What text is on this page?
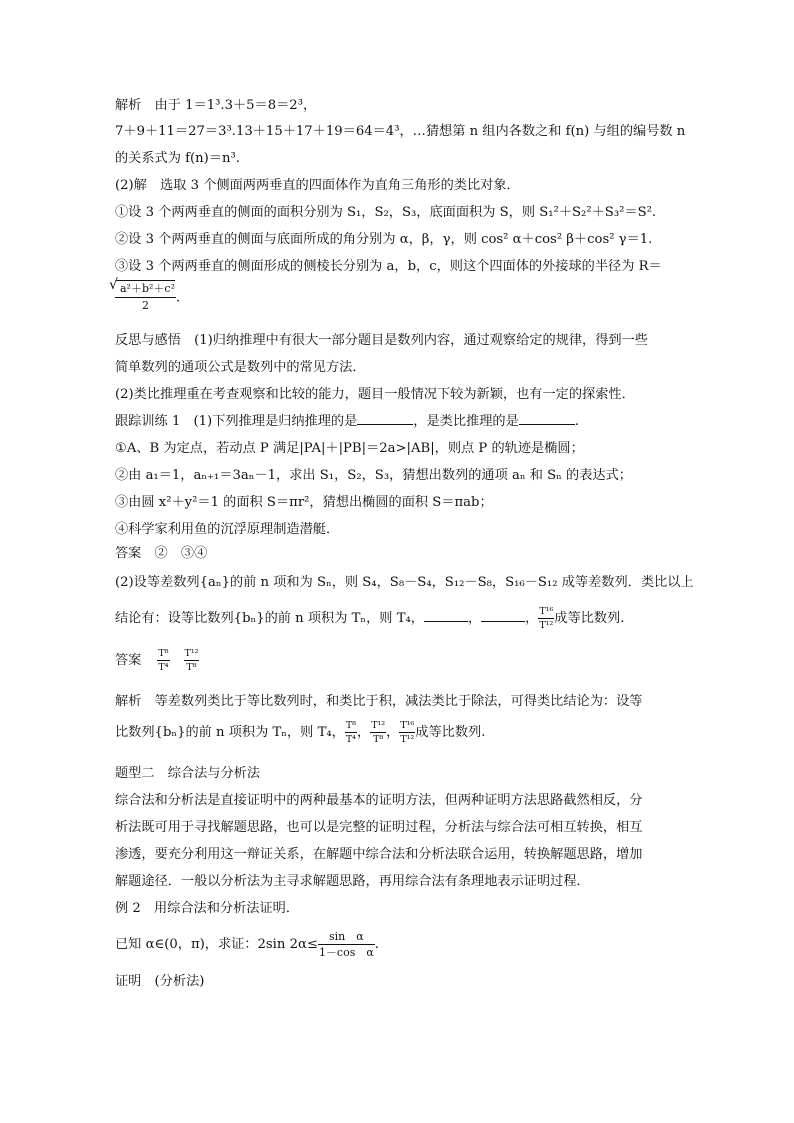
解析　由于 1＝1³.3＋5＝8＝2³，
7＋9＋11＝27＝3³.13＋15＋17＋19＝64＝4³，…猜想第 n 组内各数之和 f(n) 与组的编号数 n
的关系式为 f(n)＝n³.
(2)解　选取 3 个侧面两两垂直的四面体作为直角三角形的类比对象．
①设 3 个两两垂直的侧面的面积分别为 S₁，S₂，S₃，底面面积为 S，则 S₁²＋S₂²＋S₃²＝S².
②设 3 个两两垂直的侧面与底面所成的角分别为 α，β，γ，则 cos² α＋cos² β＋cos² γ＝1.
③设 3 个两两垂直的侧面形成的侧棱长分别为 a，b，c，则这个四面体的外接球的半径为 R＝
√ $\frac{\text{a²＋b²＋c²}}{2}$ .
反思与感悟　(1)归纳推理中有很大一部分题目是数列内容，通过观察给定的规律，得到一些
简单数列的通项公式是数列中的常见方法．
(2)类比推理重在考查观察和比较的能力，题目一般情况下较为新颖，也有一定的探索性．
跟踪训练 1　(1)下列推理是归纳推理的是	，是类比推理的是	.
①A、B 为定点，若动点 P 满足|PA|＋|PB|＝2a>|AB|，则点 P 的轨迹是椭圆；
②由 a₁＝1，aₙ₊₁＝3aₙ－1，求出 S₁，S₂，S₃，猜想出数列的通项 aₙ 和 Sₙ 的表达式；
③由圆 x²＋y²＝1 的面积 S＝πr²，猜想出椭圆的面积 S＝πab；
④科学家利用鱼的沉浮原理制造潜艇．
答案　②　③④
(2)设等差数列{aₙ}的前 n 项和为 Sₙ，则 S₄，S₈－S₄，S₁₂－S₈，S₁₆－S₁₂ 成等差数列．类比以上
结论有：设等比数列{bₙ}的前 n 项积为 Tₙ，则 T₄，	，	， $\frac{\text{T¹⁶}}{\text{T¹²}}$ 成等比数列.
答案 $\frac{\text{T⁸}}{\text{T⁴}} \frac{\text{T¹²}}{\text{T⁸}}$
解析　等差数列类比于等比数列时，和类比于积，减法类比于除法，可得类比结论为：设等
比数列{bₙ}的前 n 项积为 Tₙ，则 T₄， $\frac{\text{T⁸}}{\text{T⁴}}$ ， $\frac{\text{T¹²}}{\text{T⁸}}$ ， $\frac{\text{T¹⁶}}{\text{T¹²}}$ 成等比数列.
题型二　综合法与分析法
综合法和分析法是直接证明中的两种最基本的证明方法，但两种证明方法思路截然相反，分
析法既可用于寻找解题思路，也可以是完整的证明过程，分析法与综合法可相互转换，相互
渗透，要充分利用这一辩证关系，在解题中综合法和分析法联合运用，转换解题思路，增加
解题途径．一般以分析法为主寻求解题思路，再用综合法有条理地表示证明过程．
例 2　用综合法和分析法证明．
已知 α∈(0，π)，求证：2sin $2\alpha\le \frac{\text{sin　α}}{\text{1－cos　α}}$ .
证明　(分析法)
